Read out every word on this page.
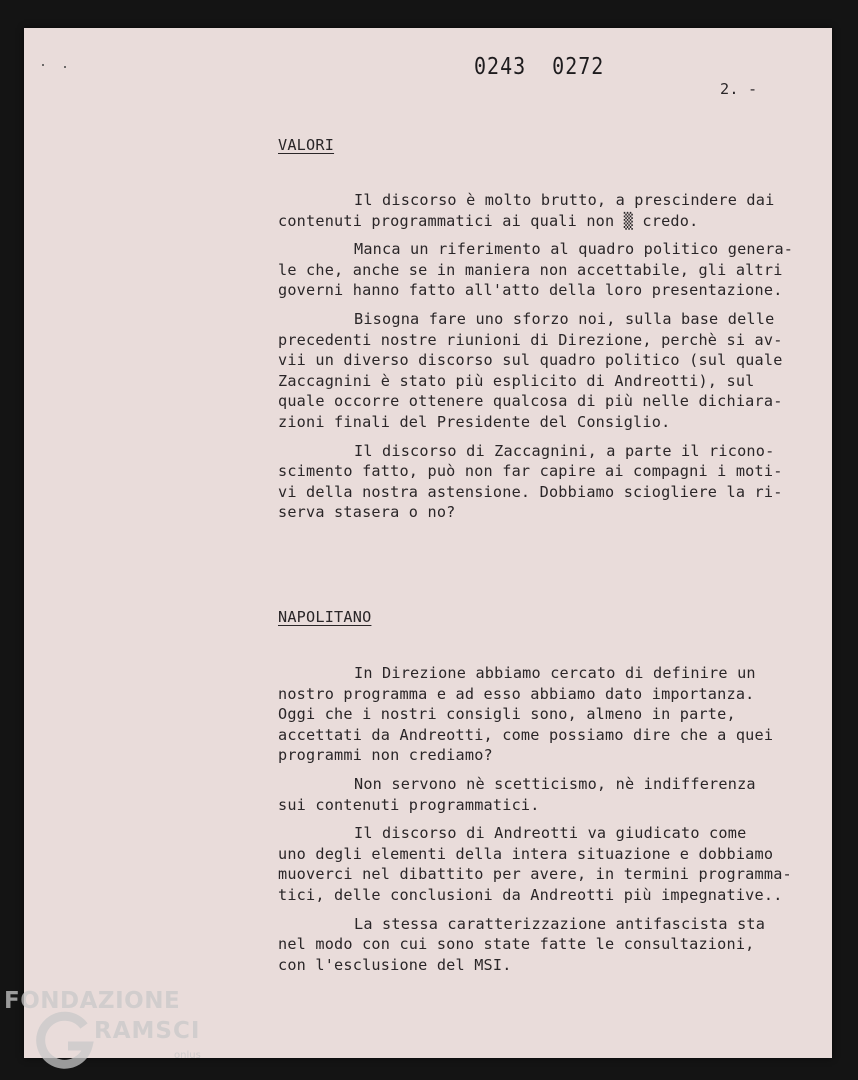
0243 0272
2. -
VALORI

Il discorso è molto brutto, a prescindere dai
contenuti programmatici ai quali non ▒ credo.

Manca un riferimento al quadro politico genera-
le che, anche se in maniera non accettabile, gli altri
governi hanno fatto all'atto della loro presentazione.

Bisogna fare uno sforzo noi, sulla base delle
precedenti nostre riunioni di Direzione, perchè si av-
vii un diverso discorso sul quadro politico (sul quale
Zaccagnini è stato più esplicito di Andreotti), sul
quale occorre ottenere qualcosa di più nelle dichiara-
zioni finali del Presidente del Consiglio.

Il discorso di Zaccagnini, a parte il ricono-
scimento fatto, può non far capire ai compagni i moti-
vi della nostra astensione. Dobbiamo sciogliere la ri-
serva stasera o no?

NAPOLITANO

In Direzione abbiamo cercato di definire un
nostro programma e ad esso abbiamo dato importanza.
Oggi che i nostri consigli sono, almeno in parte,
accettati da Andreotti, come possiamo dire che a quei
programmi non crediamo?

Non servono nè scetticismo, nè indifferenza
sui contenuti programmatici.

Il discorso di Andreotti va giudicato come
uno degli elementi della intera situazione e dobbiamo
muoverci nel dibattito per avere, in termini programma-
tici, delle conclusioni da Andreotti più impegnative..

La stessa caratterizzazione antifascista sta
nel modo con cui sono state fatte le consultazioni,
con l'esclusione del MSI.

FONDAZIONE
RAMSCI
onlus
